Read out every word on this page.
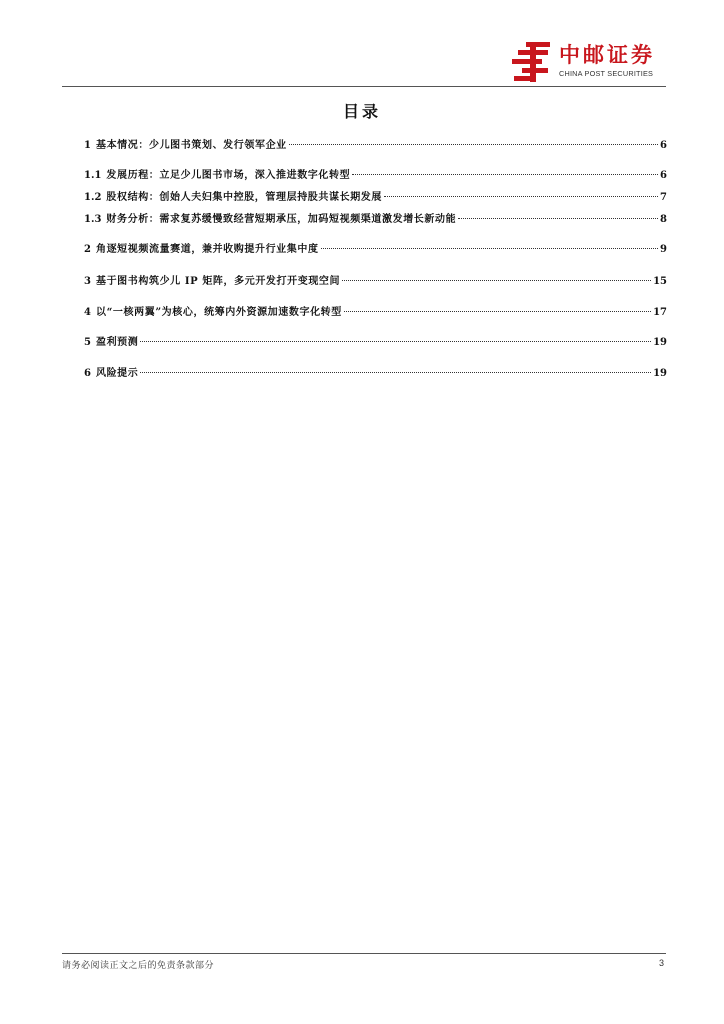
中邮证券
CHINA POST SECURITIES
目录
1 基本情况：少儿图书策划、发行领军企业	6
1.1 发展历程：立足少儿图书市场，深入推进数字化转型	6
1.2 股权结构：创始人夫妇集中控股，管理层持股共谋长期发展	7
1.3 财务分析：需求复苏缓慢致经营短期承压，加码短视频渠道激发增长新动能	8
2 角逐短视频流量赛道，兼并收购提升行业集中度	9
3 基于图书构筑少儿 IP 矩阵，多元开发打开变现空间	15
4 以“一核两翼”为核心，统筹内外资源加速数字化转型	17
5 盈利预测	19
6 风险提示	19
请务必阅读正文之后的免责条款部分	3
